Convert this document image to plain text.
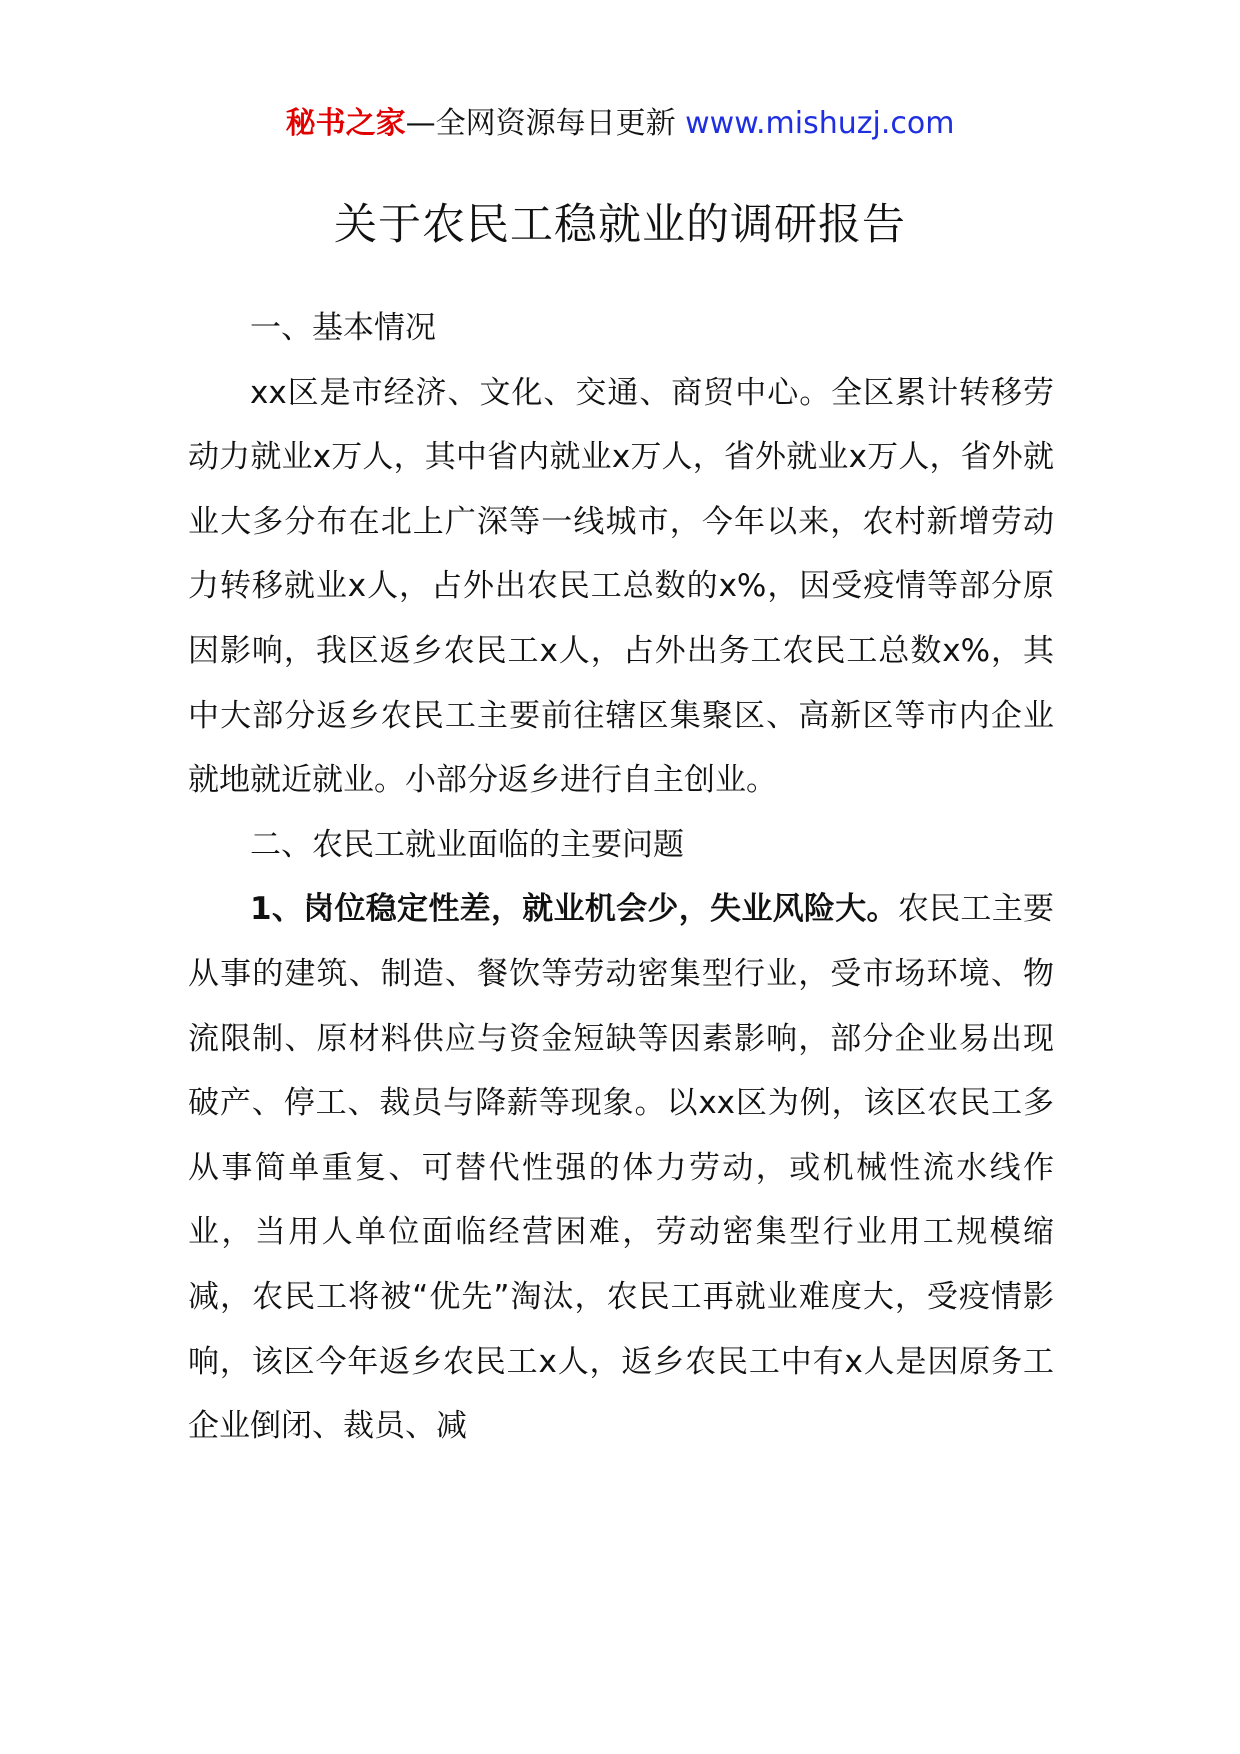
秘书之家—全网资源每日更新 www.mishuzj.com
关于农民工稳就业的调研报告

一、基本情况

xx区是市经济、文化、交通、商贸中心。全区累计转移劳动力就业x万人，其中省内就业x万人，省外就业x万人，省外就业大多分布在北上广深等一线城市，今年以来，农村新增劳动力转移就业x人，占外出农民工总数的x%，因受疫情等部分原因影响，我区返乡农民工x人，占外出务工农民工总数x%，其中大部分返乡农民工主要前往辖区集聚区、高新区等市内企业就地就近就业。小部分返乡进行自主创业。

二、农民工就业面临的主要问题

1、岗位稳定性差，就业机会少，失业风险大。农民工主要从事的建筑、制造、餐饮等劳动密集型行业，受市场环境、物流限制、原材料供应与资金短缺等因素影响，部分企业易出现破产、停工、裁员与降薪等现象。以xx区为例，该区农民工多从事简单重复、可替代性强的体力劳动，或机械性流水线作业，当用人单位面临经营困难，劳动密集型行业用工规模缩减，农民工将被“优先”淘汰，农民工再就业难度大，受疫情影响，该区今年返乡农民工x人，返乡农民工中有x人是因原务工企业倒闭、裁员、减
